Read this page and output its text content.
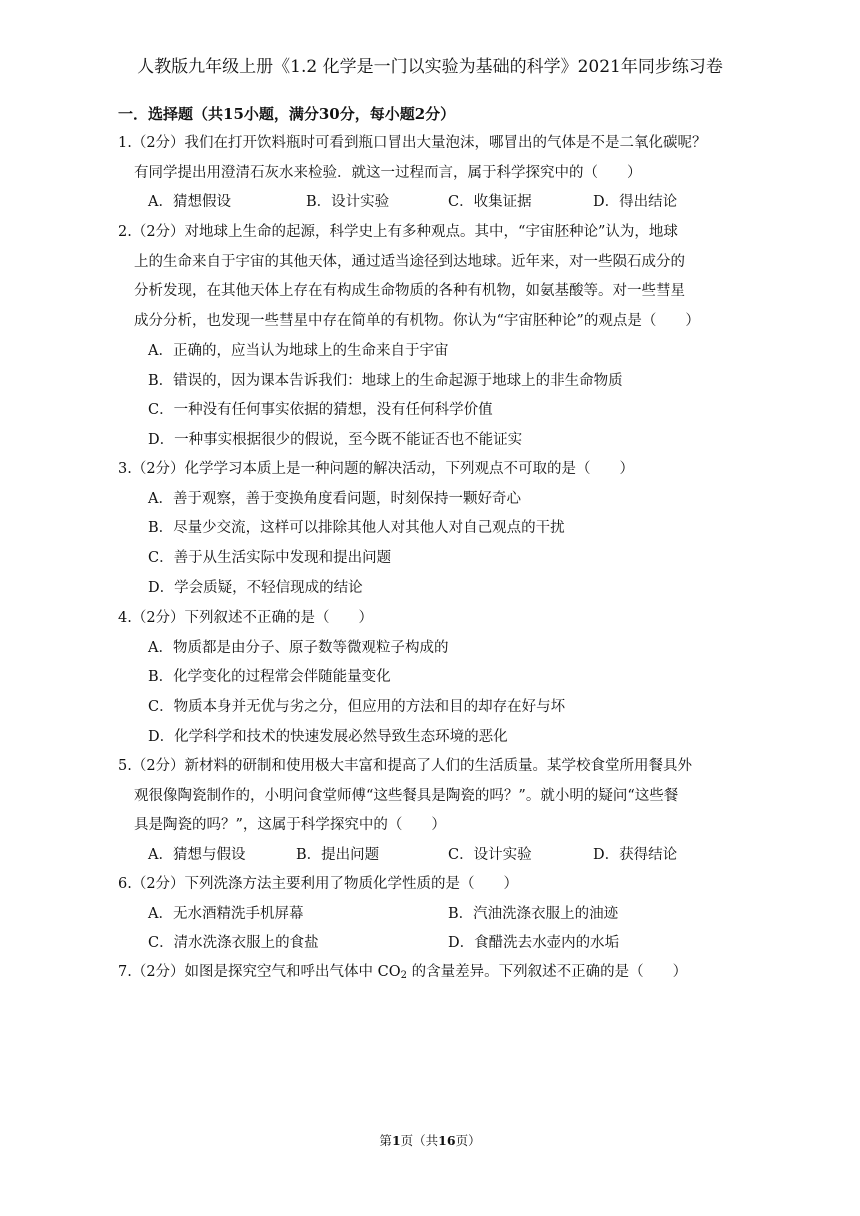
人教版九年级上册《1.2 化学是一门以实验为基础的科学》2021年同步练习卷
一．选择题（共15小题，满分30分，每小题2分）
1.（2分）我们在打开饮料瓶时可看到瓶口冒出大量泡沫，哪冒出的气体是不是二氧化碳呢？
有同学提出用澄清石灰水来检验．就这一过程而言，属于科学探究中的（　　）
A．猜想假设	B．设计实验	C．收集证据	D．得出结论
2.（2分）对地球上生命的起源，科学史上有多种观点。其中，“宇宙胚种论”认为，地球
上的生命来自于宇宙的其他天体，通过适当途径到达地球。近年来，对一些陨石成分的
分析发现，在其他天体上存在有构成生命物质的各种有机物，如氨基酸等。对一些彗星
成分分析，也发现一些彗星中存在简单的有机物。你认为“宇宙胚种论”的观点是（　　）
A．正确的，应当认为地球上的生命来自于宇宙
B．错误的，因为课本告诉我们：地球上的生命起源于地球上的非生命物质
C．一种没有任何事实依据的猜想，没有任何科学价值
D．一种事实根据很少的假说，至今既不能证否也不能证实
3.（2分）化学学习本质上是一种问题的解决活动，下列观点不可取的是（　　）
A．善于观察，善于变换角度看问题，时刻保持一颗好奇心
B．尽量少交流，这样可以排除其他人对其他人对自己观点的干扰
C．善于从生活实际中发现和提出问题
D．学会质疑，不轻信现成的结论
4.（2分）下列叙述不正确的是（　　）
A．物质都是由分子、原子数等微观粒子构成的
B．化学变化的过程常会伴随能量变化
C．物质本身并无优与劣之分，但应用的方法和目的却存在好与坏
D．化学科学和技术的快速发展必然导致生态环境的恶化
5.（2分）新材料的研制和使用极大丰富和提高了人们的生活质量。某学校食堂所用餐具外
观很像陶瓷制作的，小明问食堂师傅“这些餐具是陶瓷的吗？”。就小明的疑问“这些餐
具是陶瓷的吗？”，这属于科学探究中的（　　）
A．猜想与假设	B．提出问题	C．设计实验	D．获得结论
6.（2分）下列洗涤方法主要利用了物质化学性质的是（　　）
A．无水酒精洗手机屏幕	B．汽油洗涤衣服上的油迹
C．清水洗涤衣服上的食盐	D．食醋洗去水壶内的水垢
7.（2分）如图是探究空气和呼出气体中 $CO_2$ 的含量差异。下列叙述不正确的是（　　）
第1页（共16页）
